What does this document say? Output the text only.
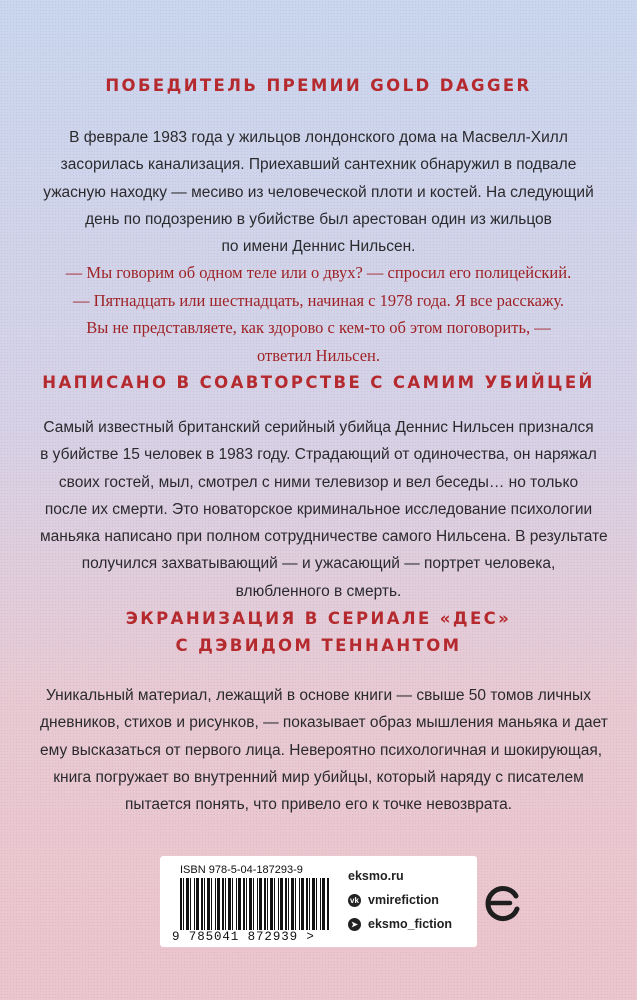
ПОБЕДИТЕЛЬ ПРЕМИИ GOLD DAGGER
В феврале 1983 года у жильцов лондонского дома на Масвелл-Хилл
засорилась канализация. Приехавший сантехник обнаружил в подвале
ужасную находку — месиво из человеческой плоти и костей. На следующий
день по подозрению в убийстве был арестован один из жильцов
по имени Деннис Нильсен.
— Мы говорим об одном теле или о двух? — спросил его полицейский.
— Пятнадцать или шестнадцать, начиная с 1978 года. Я все расскажу.
Вы не представляете, как здорово с кем-то об этом поговорить, —
ответил Нильсен.
НАПИСАНО В СОАВТОРСТВЕ С САМИМ УБИЙЦЕЙ
Самый известный британский серийный убийца Деннис Нильсен признался
в убийстве 15 человек в 1983 году. Страдающий от одиночества, он наряжал
своих гостей, мыл, смотрел с ними телевизор и вел беседы… но только
после их смерти. Это новаторское криминальное исследование психологии
маньяка написано при полном сотрудничестве самого Нильсена. В результате
получился захватывающий — и ужасающий — портрет человека,
влюбленного в смерть.
ЭКРАНИЗАЦИЯ В СЕРИАЛЕ «ДЕС»
С ДЭВИДОМ ТЕННАНТОМ
Уникальный материал, лежащий в основе книги — свыше 50 томов личных
дневников, стихов и рисунков, — показывает образ мышления маньяка и дает
ему высказаться от первого лица. Невероятно психологичная и шокирующая,
книга погружает во внутренний мир убийцы, который наряду с писателем
пытается понять, что привело его к точке невозврата.
ISBN 978-5-04-187293-9
9 785041 872939 >
eksmo.ru
vk vmirefiction
➤ eksmo_fiction
